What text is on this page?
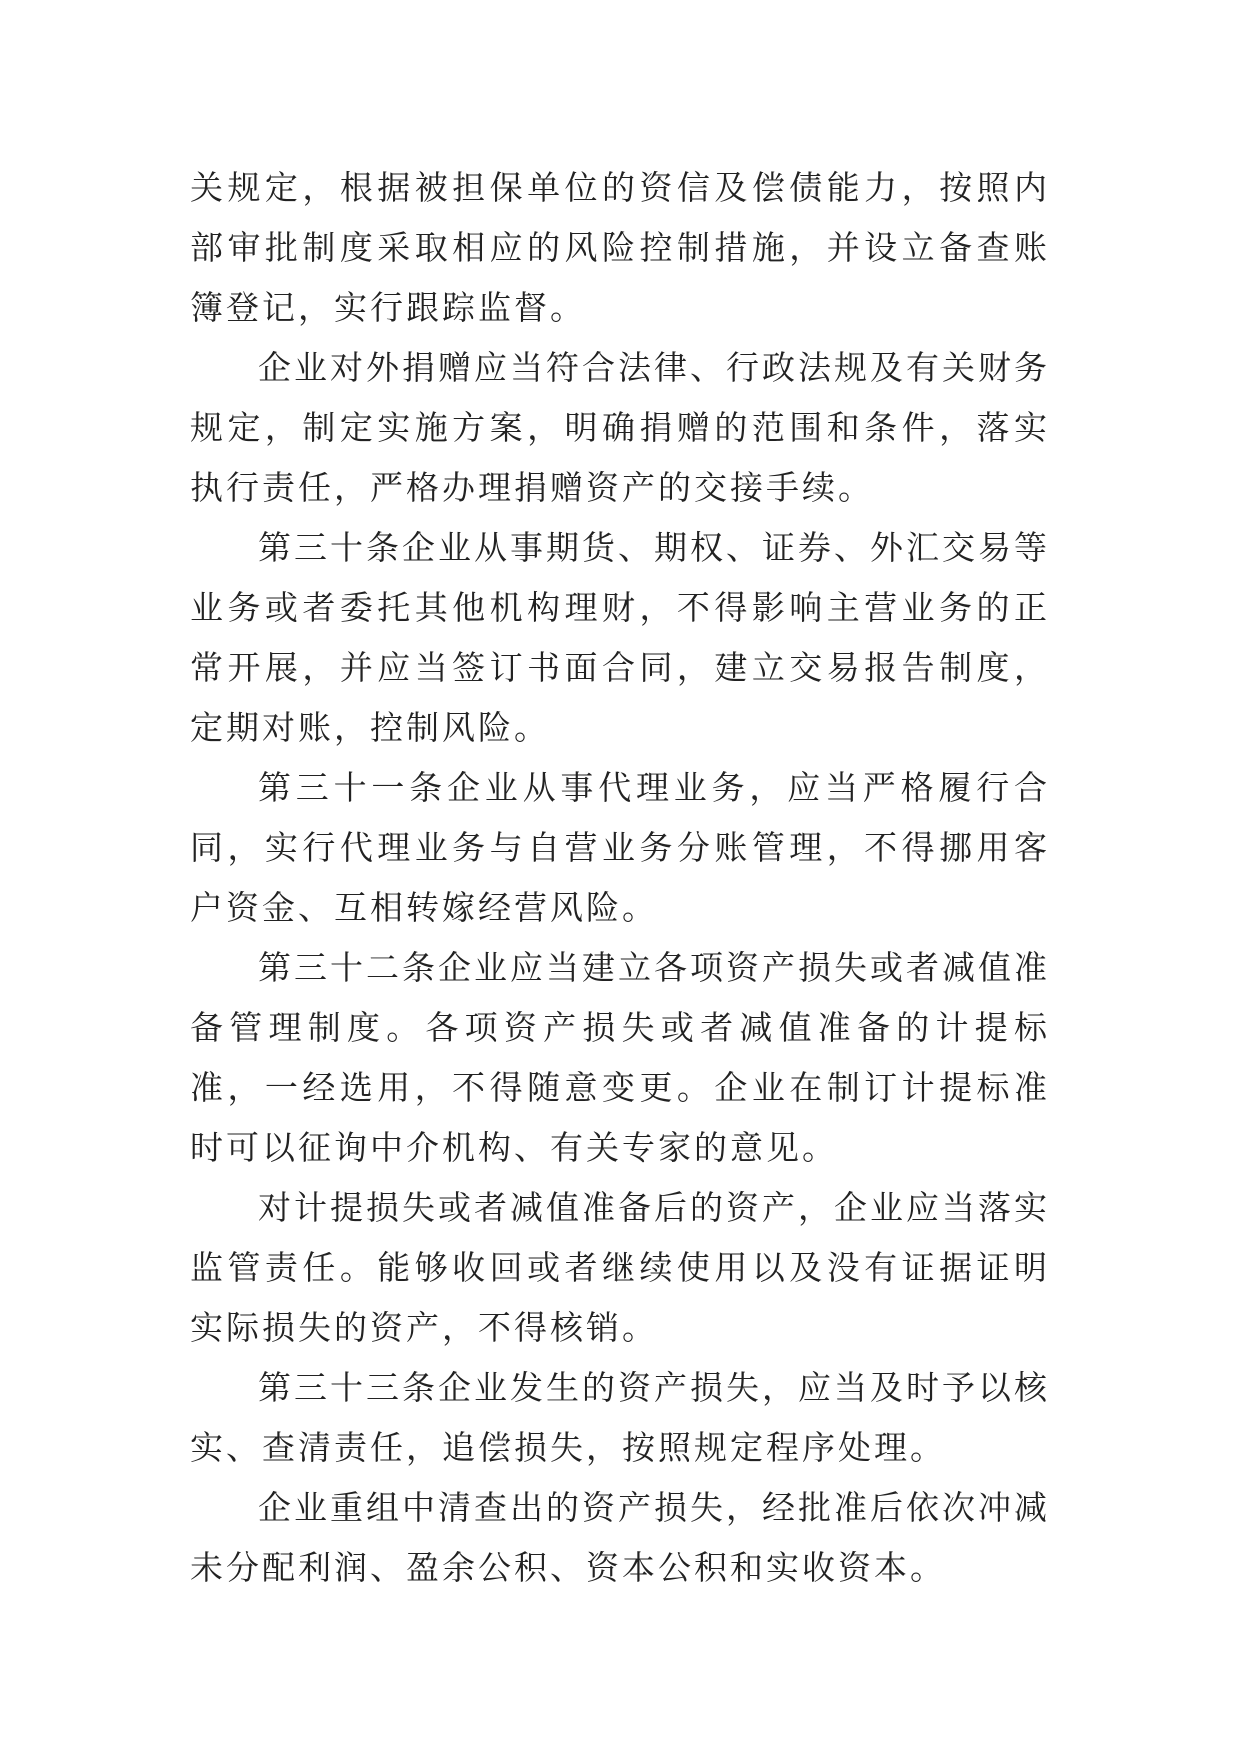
关规定，根据被担保单位的资信及偿债能力，按照内部审批制度采取相应的风险控制措施，并设立备查账簿登记，实行跟踪监督。

企业对外捐赠应当符合法律、行政法规及有关财务规定，制定实施方案，明确捐赠的范围和条件，落实执行责任，严格办理捐赠资产的交接手续。

第三十条企业从事期货、期权、证券、外汇交易等业务或者委托其他机构理财，不得影响主营业务的正常开展，并应当签订书面合同，建立交易报告制度，定期对账，控制风险。

第三十一条企业从事代理业务，应当严格履行合同，实行代理业务与自营业务分账管理，不得挪用客户资金、互相转嫁经营风险。

第三十二条企业应当建立各项资产损失或者减值准备管理制度。各项资产损失或者减值准备的计提标准，一经选用，不得随意变更。企业在制订计提标准时可以征询中介机构、有关专家的意见。

对计提损失或者减值准备后的资产，企业应当落实监管责任。能够收回或者继续使用以及没有证据证明实际损失的资产，不得核销。

第三十三条企业发生的资产损失，应当及时予以核实、查清责任，追偿损失，按照规定程序处理。

企业重组中清查出的资产损失，经批准后依次冲减未分配利润、盈余公积、资本公积和实收资本。
